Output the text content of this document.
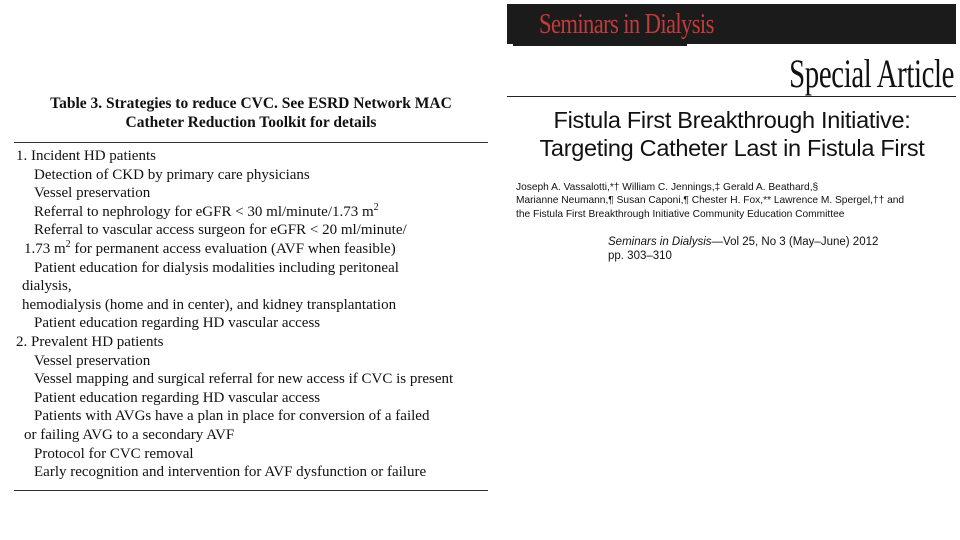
Table 3. Strategies to reduce CVC. See ESRD Network MAC
Catheter Reduction Toolkit for details

1. Incident HD patients
Detection of CKD by primary care physicians
Vessel preservation
Referral to nephrology for eGFR < 30 ml/minute/1.73 $m^2$
Referral to vascular access surgeon for eGFR < 20 ml/minute/
1.73 $m^2$ for permanent access evaluation (AVF when feasible)
Patient education for dialysis modalities including peritoneal
dialysis,
hemodialysis (home and in center), and kidney transplantation
Patient education regarding HD vascular access
2. Prevalent HD patients
Vessel preservation
Vessel mapping and surgical referral for new access if CVC is present
Patient education regarding HD vascular access
Patients with AVGs have a plan in place for conversion of a failed
or failing AVG to a secondary AVF
Protocol for CVC removal
Early recognition and intervention for AVF dysfunction or failure
Seminars in Dialysis
Special Article
Fistula First Breakthrough Initiative:
Targeting Catheter Last in Fistula First
Joseph A. Vassalotti,*† William C. Jennings,‡ Gerald A. Beathard,§
Marianne Neumann,¶ Susan Caponi,¶ Chester H. Fox,** Lawrence M. Spergel,†† and
the Fistula First Breakthrough Initiative Community Education Committee
Seminars in Dialysis—Vol 25, No 3 (May–June) 2012
pp. 303–310
